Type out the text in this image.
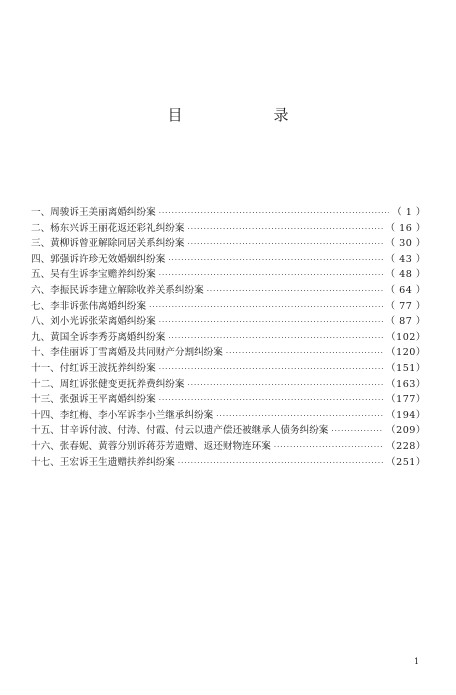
目　录
一、周骏诉王美丽离婚纠纷案 ·····	（ 1 ）
二、杨东兴诉王丽花返还彩礼纠纷案 ·····	（ 16 ）
三、黄柳诉曾亚解除同居关系纠纷案 ·····	（ 30 ）
四、郭强诉许珍无效婚姻纠纷案 ·····	（ 43 ）
五、吴有生诉李宝赡养纠纷案 ·····	（ 48 ）
六、李振民诉李建立解除收养关系纠纷案 ·····	（ 64 ）
七、李非诉张伟离婚纠纷案 ·····	（ 77 ）
八、刘小光诉张荣离婚纠纷案 ·····	（ 87 ）
九、黄国全诉李秀芬离婚纠纷案 ·····	（102）
十、李佳丽诉丁雪离婚及共同财产分割纠纷案 ·····	（120）
十一、付红诉王波抚养纠纷案 ·····	（151）
十二、周红诉张健变更抚养费纠纷案 ·····	（163）
十三、张强诉王平离婚纠纷案 ·····	（177）
十四、李红梅、李小军诉李小兰继承纠纷案 ·····	（194）
十五、甘辛诉付波、付涛、付霞、付云以遗产偿还被继承人债务纠纷案 ·····	（209）
十六、张春妮、黄蓉分别诉蒋芬芳遗赠、返还财物连环案 ·····	（228）
十七、王宏诉王生遗赠扶养纠纷案 ·····	（251）
1
